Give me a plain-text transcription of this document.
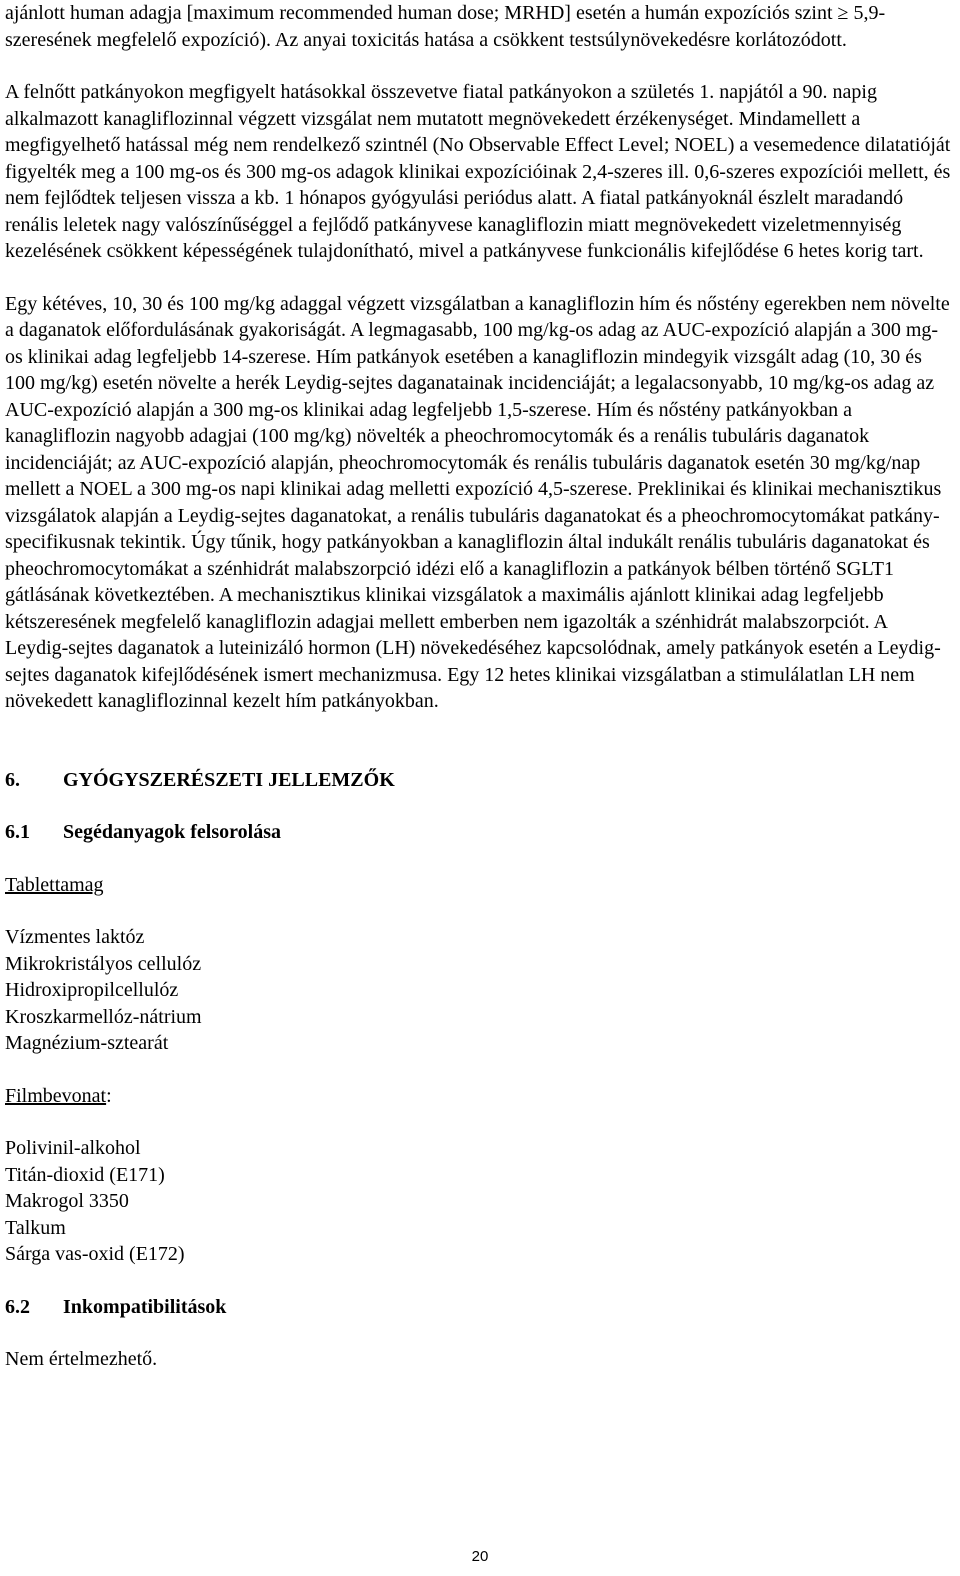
ajánlott human adagja [maximum recommended human dose; MRHD] esetén a humán expozíciós szint ≥ 5,9-szeresének megfelelő expozíció). Az anyai toxicitás hatása a csökkent testsúlynövekedésre korlátozódott.

A felnőtt patkányokon megfigyelt hatásokkal összevetve fiatal patkányokon a születés 1. napjától a 90. napig alkalmazott kanagliflozinnal végzett vizsgálat nem mutatott megnövekedett érzékenységet. Mindamellett a megfigyelhető hatással még nem rendelkező szintnél (No Observable Effect Level; NOEL) a vesemedence dilatatióját figyelték meg a 100 mg-os és 300 mg-os adagok klinikai expozícióinak 2,4-szeres ill. 0,6-szeres expozíciói mellett, és nem fejlődtek teljesen vissza a kb. 1 hónapos gyógyulási periódus alatt. A fiatal patkányoknál észlelt maradandó renális leletek nagy valószínűséggel a fejlődő patkányvese kanagliflozin miatt megnövekedett vizeletmennyiség kezelésének csökkent képességének tulajdonítható, mivel a patkányvese funkcionális kifejlődése 6 hetes korig tart.

Egy kétéves, 10, 30 és 100 mg/kg adaggal végzett vizsgálatban a kanagliflozin hím és nőstény egerekben nem növelte a daganatok előfordulásának gyakoriságát. A legmagasabb, 100 mg/kg-os adag az AUC-expozíció alapján a 300 mg-os klinikai adag legfeljebb 14-szerese. Hím patkányok esetében a kanagliflozin mindegyik vizsgált adag (10, 30 és 100 mg/kg) esetén növelte a herék Leydig-sejtes daganatainak incidenciáját; a legalacsonyabb, 10 mg/kg-os adag az AUC-expozíció alapján a 300 mg-os klinikai adag legfeljebb 1,5-szerese. Hím és nőstény patkányokban a kanagliflozin nagyobb adagjai (100 mg/kg) növelték a pheochromocytomák és a renális tubuláris daganatok incidenciáját; az AUC-expozíció alapján, pheochromocytomák és renális tubuláris daganatok esetén 30 mg/kg/nap mellett a NOEL a 300 mg-os napi klinikai adag melletti expozíció 4,5-szerese. Preklinikai és klinikai mechanisztikus vizsgálatok alapján a Leydig-sejtes daganatokat, a renális tubuláris daganatokat és a pheochromocytomákat patkány-specifikusnak tekintik. Úgy tűnik, hogy patkányokban a kanagliflozin által indukált renális tubuláris daganatokat és pheochromocytomákat a szénhidrát malabszorpció idézi elő a kanagliflozin a patkányok bélben történő SGLT1 gátlásának következtében. A mechanisztikus klinikai vizsgálatok a maximális ajánlott klinikai adag legfeljebb kétszeresének megfelelő kanagliflozin adagjai mellett emberben nem igazolták a szénhidrát malabszorpciót. A Leydig-sejtes daganatok a luteinizáló hormon (LH) növekedéséhez kapcsolódnak, amely patkányok esetén a Leydig-sejtes daganatok kifejlődésének ismert mechanizmusa. Egy 12 hetes klinikai vizsgálatban a stimulálatlan LH nem növekedett kanagliflozinnal kezelt hím patkányokban.

6.	GYÓGYSZERÉSZETI JELLEMZŐK
6.1	Segédanyagok felsorolása
Tablettamag
Vízmentes laktóz
Mikrokristályos cellulóz
Hidroxipropilcellulóz
Kroszkarmellóz-nátrium
Magnézium-sztearát
Filmbevonat:
Polivinil-alkohol
Titán-dioxid (E171)
Makrogol 3350
Talkum
Sárga vas-oxid (E172)
6.2	Inkompatibilitások

Nem értelmezhető.

20
